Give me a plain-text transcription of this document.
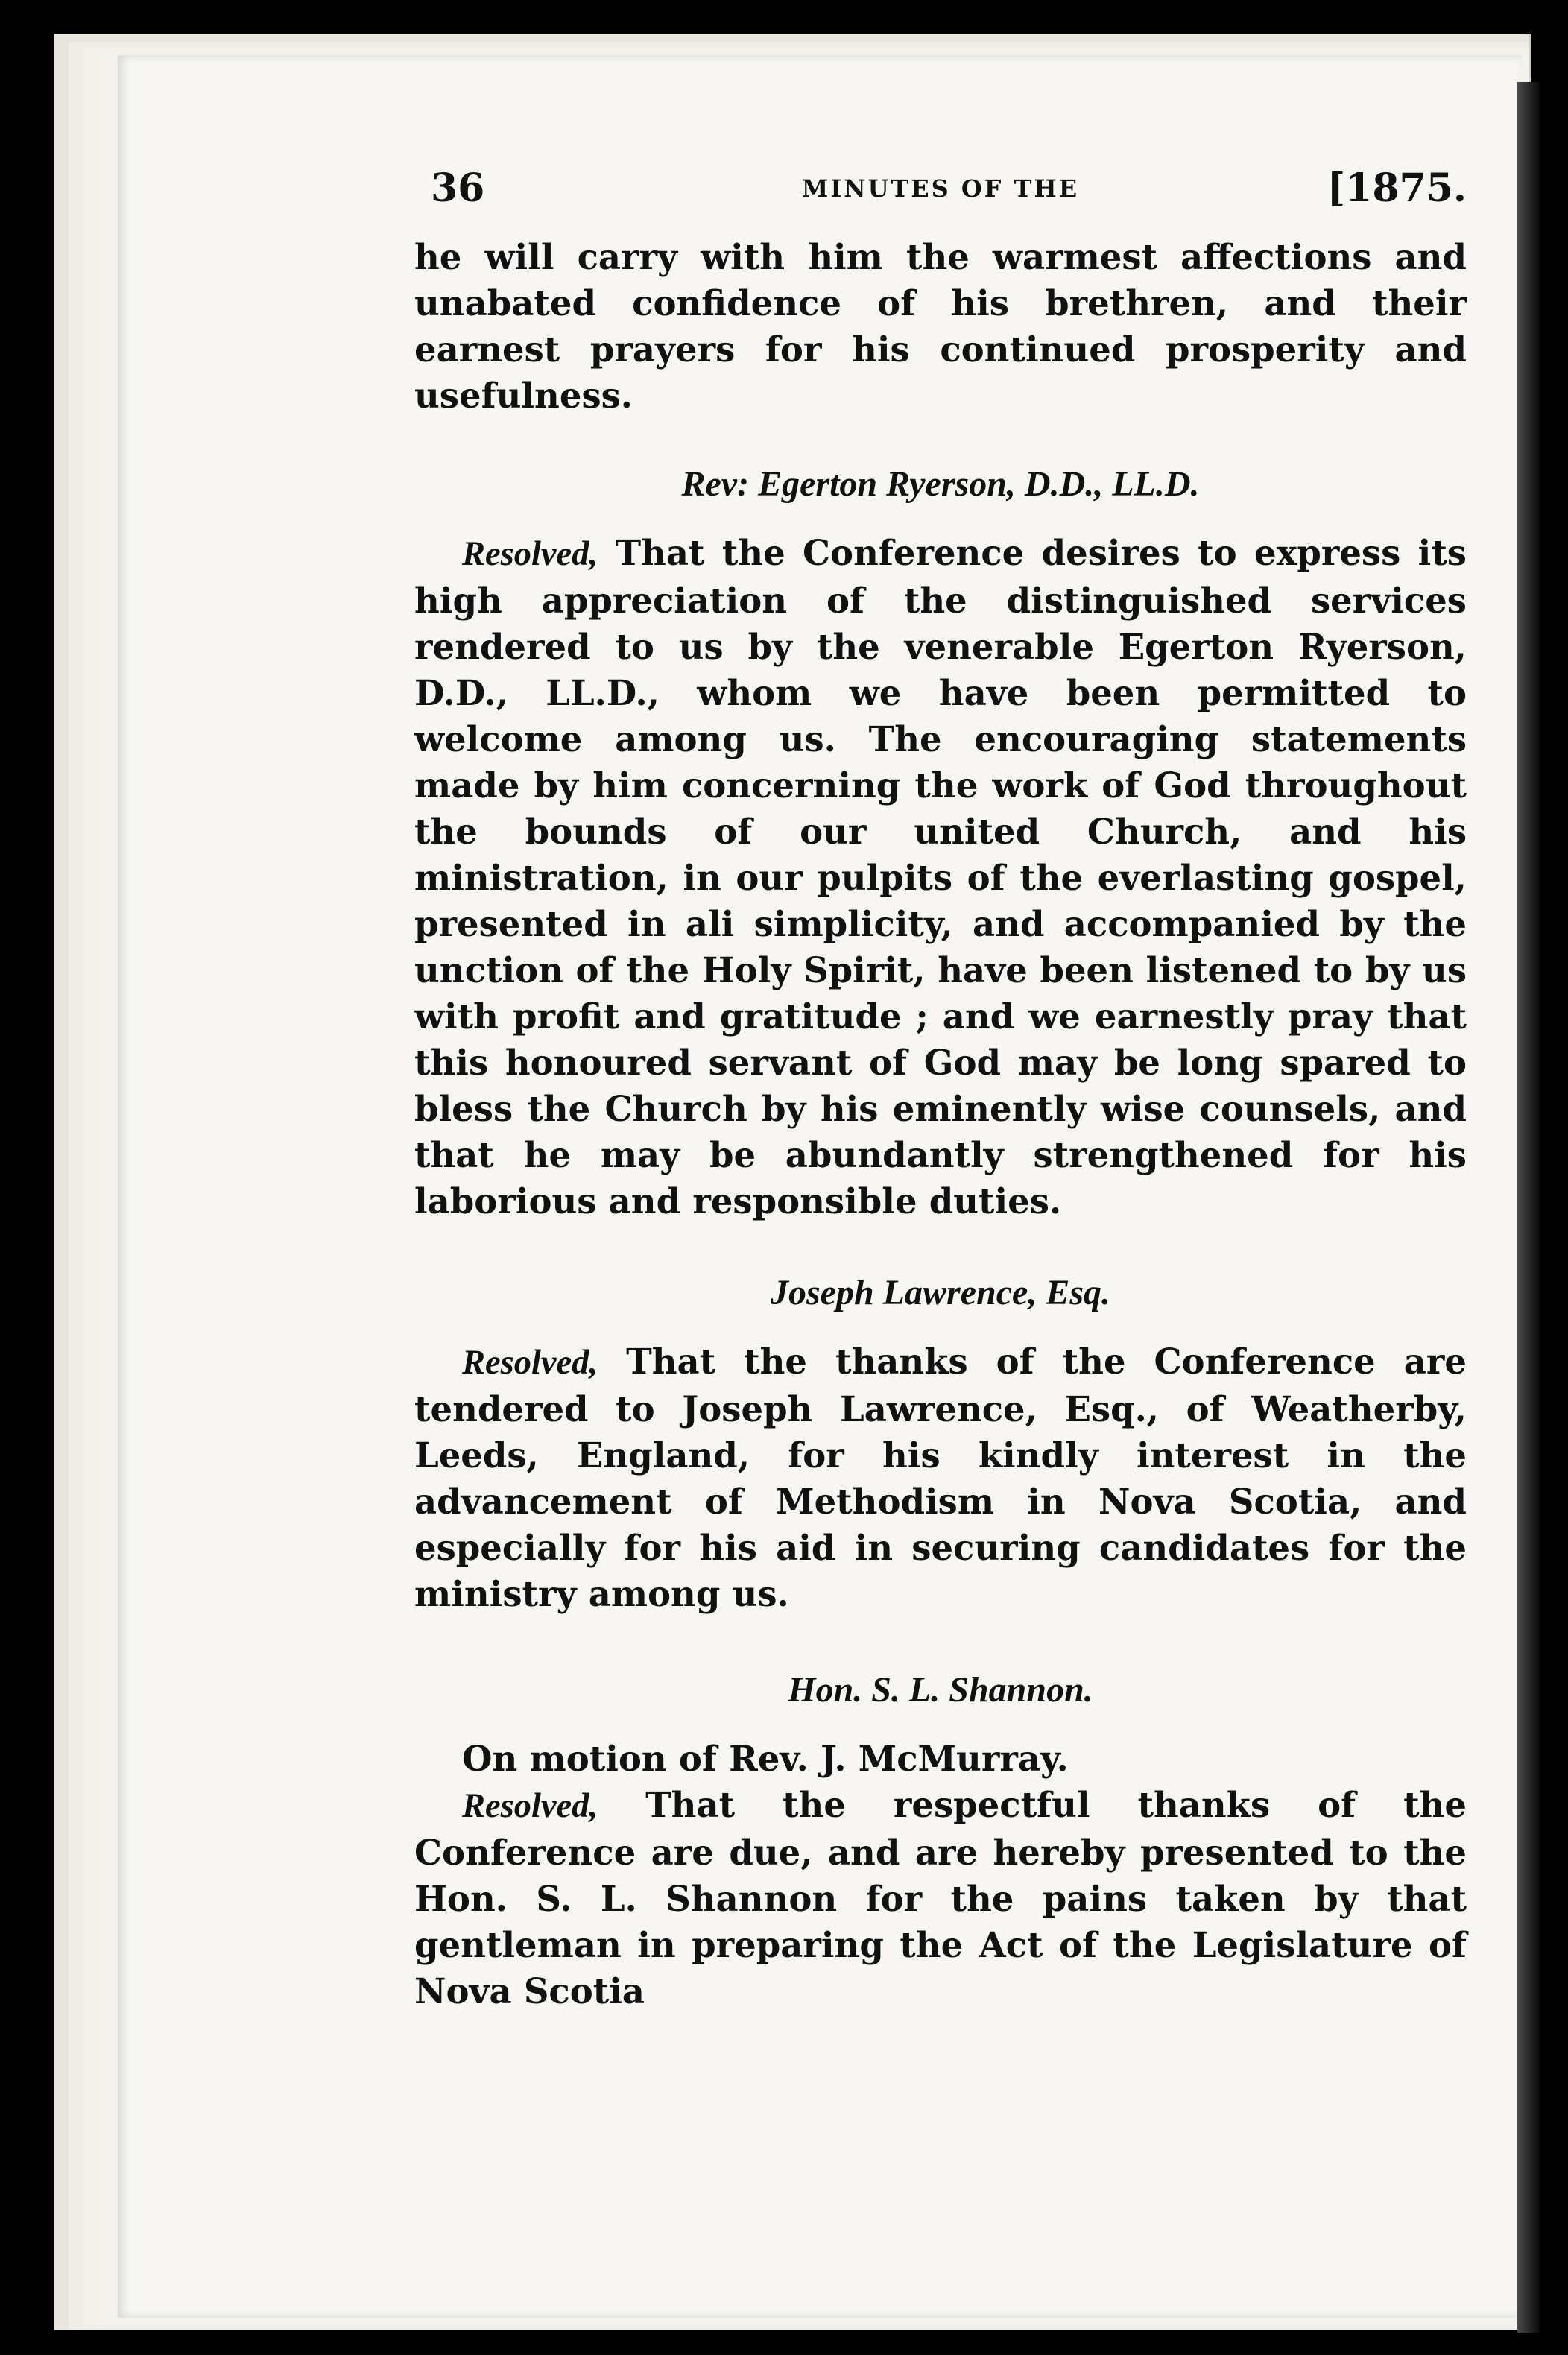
36	MINUTES OF THE	[1875.

he will carry with him the warmest affections and unabated confidence of his brethren, and their earnest prayers for his continued prosperity and usefulness.

Rev: Egerton Ryerson, D.D., LL.D.

Resolved, That the Conference desires to express its high appreciation of the distinguished services rendered to us by the venerable Egerton Ryerson, D.D., LL.D., whom we have been permitted to welcome among us. The encouraging statements made by him concerning the work of God throughout the bounds of our united Church, and his ministration, in our pulpits of the everlasting gospel, presented in ali simplicity, and accompanied by the unction of the Holy Spirit, have been listened to by us with profit and gratitude ; and we earnestly pray that this honoured servant of God may be long spared to bless the Church by his eminently wise counsels, and that he may be abundantly strengthened for his laborious and responsible duties.

Joseph Lawrence, Esq.

Resolved, That the thanks of the Conference are tendered to Joseph Lawrence, Esq., of Weatherby, Leeds, England, for his kindly interest in the advancement of Methodism in Nova Scotia, and especially for his aid in securing candidates for the ministry among us.

Hon. S. L. Shannon.

On motion of Rev. J. McMurray.

Resolved, That the respectful thanks of the Conference are due, and are hereby presented to the Hon. S. L. Shannon for the pains taken by that gentleman in preparing the Act of the Legislature of Nova Scotia
